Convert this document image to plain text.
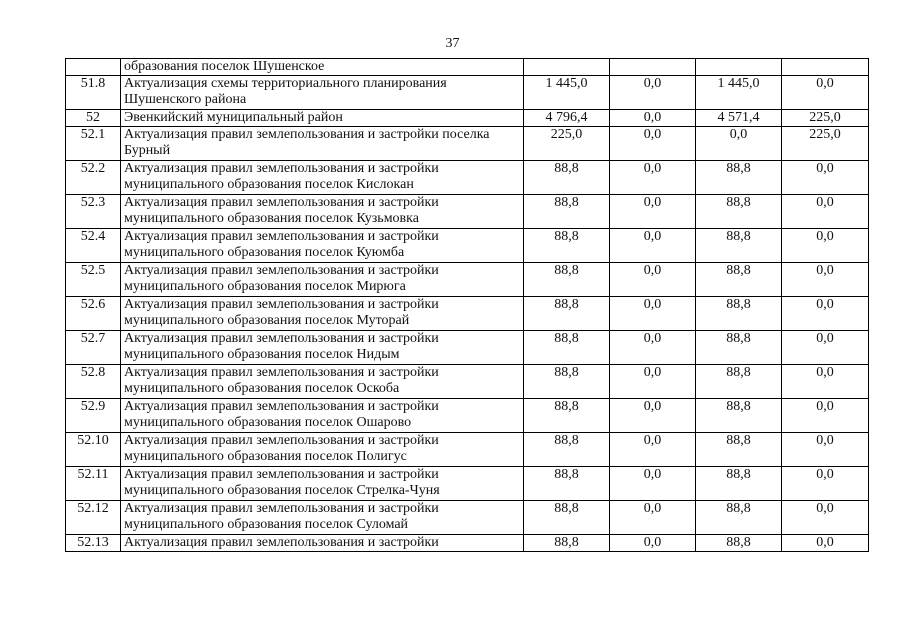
37
	образования поселок Шушенское				
51.8	Актуализация схемы территориального планирования Шушенского района	1 445,0	0,0	1 445,0	0,0
52	Эвенкийский муниципальный район	4 796,4	0,0	4 571,4	225,0
52.1	Актуализация правил землепользования и застройки поселка Бурный	225,0	0,0	0,0	225,0
52.2	Актуализация правил землепользования и застройки муниципального образования поселок Кислокан	88,8	0,0	88,8	0,0
52.3	Актуализация правил землепользования и застройки муниципального образования поселок Кузьмовка	88,8	0,0	88,8	0,0
52.4	Актуализация правил землепользования и застройки муниципального образования поселок Куюмба	88,8	0,0	88,8	0,0
52.5	Актуализация правил землепользования и застройки муниципального образования поселок Мирюга	88,8	0,0	88,8	0,0
52.6	Актуализация правил землепользования и застройки муниципального образования поселок Муторай	88,8	0,0	88,8	0,0
52.7	Актуализация правил землепользования и застройки муниципального образования поселок Нидым	88,8	0,0	88,8	0,0
52.8	Актуализация правил землепользования и застройки муниципального образования поселок Оскоба	88,8	0,0	88,8	0,0
52.9	Актуализация правил землепользования и застройки муниципального образования поселок Ошарово	88,8	0,0	88,8	0,0
52.10	Актуализация правил землепользования и застройки муниципального образования поселок Полигус	88,8	0,0	88,8	0,0
52.11	Актуализация правил землепользования и застройки муниципального образования поселок Стрелка-Чуня	88,8	0,0	88,8	0,0
52.12	Актуализация правил землепользования и застройки муниципального образования поселок Суломай	88,8	0,0	88,8	0,0
52.13	Актуализация правил землепользования и застройки	88,8	0,0	88,8	0,0
